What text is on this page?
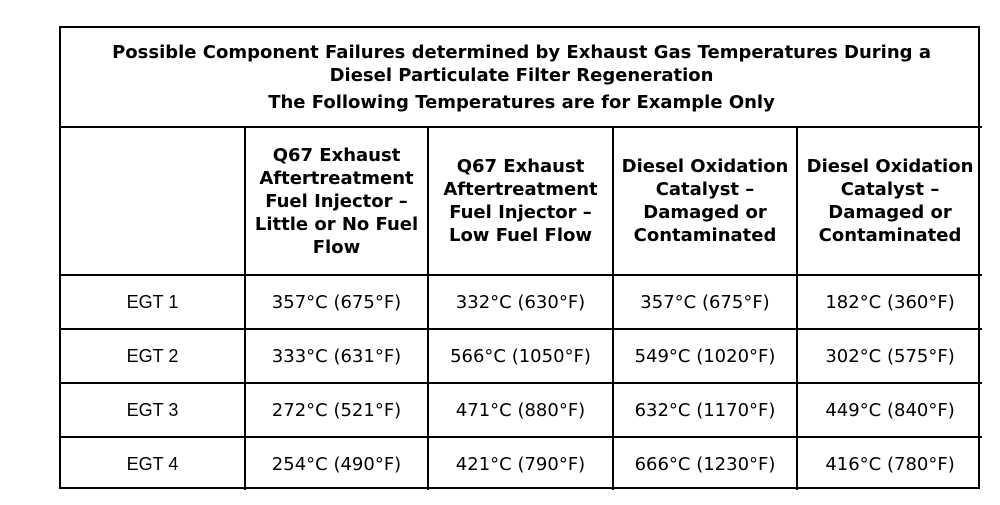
Possible Component Failures determined by Exhaust Gas Temperatures During a
Diesel Particulate Filter Regeneration
The Following Temperatures are for Example Only				

	Q67 Exhaust Aftertreatment Fuel Injector – Little or No Fuel Flow	Q67 Exhaust Aftertreatment Fuel Injector – Low Fuel Flow	Diesel Oxidation Catalyst – Damaged or Contaminated	Diesel Oxidation Catalyst – Damaged or Contaminated
EGT 1	357°C (675°F)	332°C (630°F)	357°C (675°F)	182°C (360°F)
EGT 2	333°C (631°F)	566°C (1050°F)	549°C (1020°F)	302°C (575°F)
EGT 3	272°C (521°F)	471°C (880°F)	632°C (1170°F)	449°C (840°F)
EGT 4	254°C (490°F)	421°C (790°F)	666°C (1230°F)	416°C (780°F)
